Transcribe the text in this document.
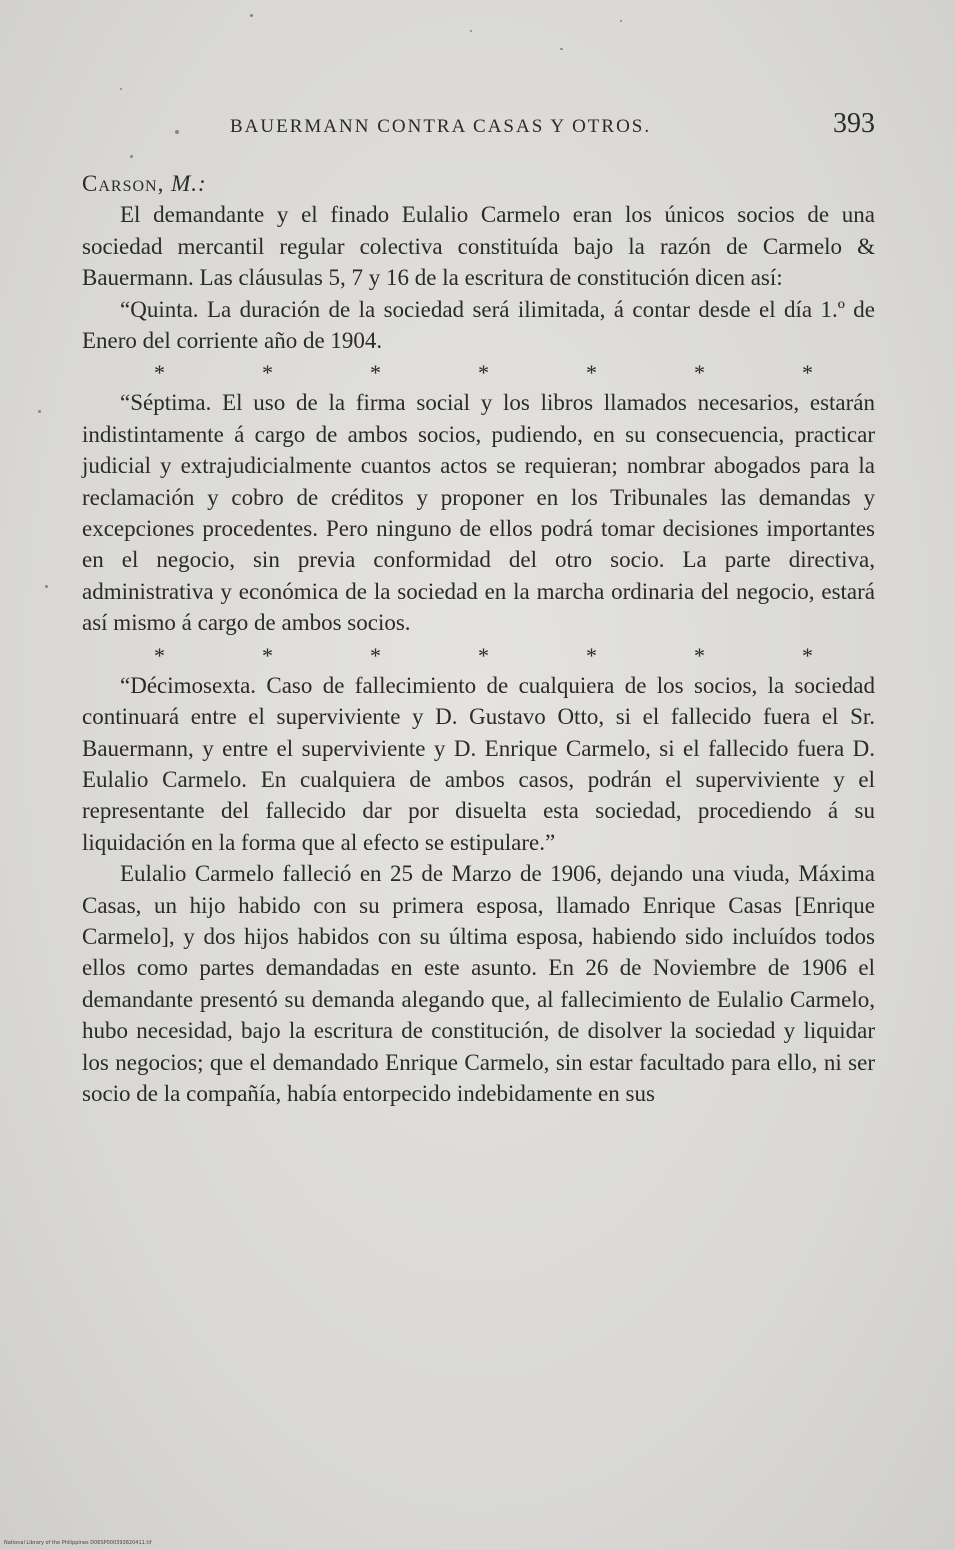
BAUERMANN CONTRA CASAS Y OTROS.	393
Carson, M.:

El demandante y el finado Eulalio Carmelo eran los únicos socios de una sociedad mercantil regular colectiva constituída bajo la razón de Carmelo & Bauermann. Las cláusulas 5, 7 y 16 de la escritura de constitución dicen así:

“Quinta. La duración de la sociedad será ilimitada, á contar desde el día 1.º de Enero del corriente año de 1904.

*	*	*	*	*	*	*

“Séptima. El uso de la firma social y los libros llamados necesarios, estarán indistintamente á cargo de ambos socios, pudiendo, en su consecuencia, practicar judicial y extrajudicialmente cuantos actos se requieran; nombrar abogados para la reclamación y cobro de créditos y proponer en los Tribunales las demandas y excepciones procedentes. Pero ninguno de ellos podrá tomar decisiones importantes en el negocio, sin previa conformidad del otro socio. La parte directiva, administrativa y económica de la sociedad en la marcha ordinaria del negocio, estará así mismo á cargo de ambos socios.

*	*	*	*	*	*	*

“Décimosexta. Caso de fallecimiento de cualquiera de los socios, la sociedad continuará entre el superviviente y D. Gustavo Otto, si el fallecido fuera el Sr. Bauermann, y entre el superviviente y D. Enrique Carmelo, si el fallecido fuera D. Eulalio Carmelo. En cualquiera de ambos casos, podrán el superviviente y el representante del fallecido dar por disuelta esta sociedad, procediendo á su liquidación en la forma que al efecto se estipulare.”

Eulalio Carmelo falleció en 25 de Marzo de 1906, dejando una viuda, Máxima Casas, un hijo habido con su primera esposa, llamado Enrique Casas [Enrique Carmelo], y dos hijos habidos con su última esposa, habiendo sido incluídos todos ellos como partes demandadas en este asunto. En 26 de Noviembre de 1906 el demandante presentó su demanda alegando que, al fallecimiento de Eulalio Carmelo, hubo necesidad, bajo la escritura de constitución, de disolver la sociedad y liquidar los negocios; que el demandado Enrique Carmelo, sin estar facultado para ello, ni ser socio de la compañía, había entorpecido indebidamente en sus

National Library of the Philippines D06SP000393820411.tif
